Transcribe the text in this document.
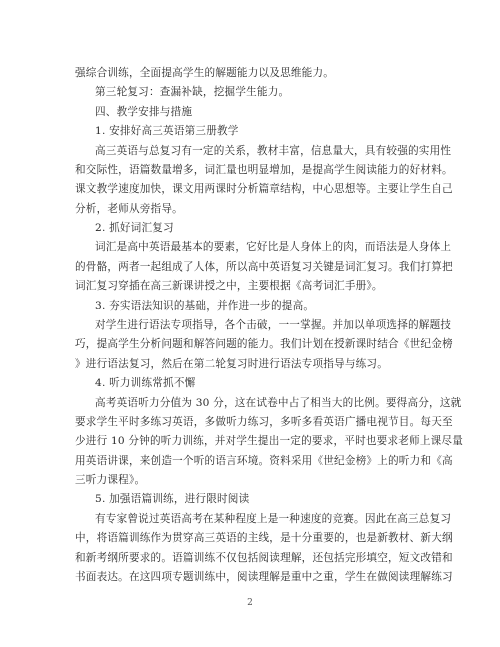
强综合训练，全面提高学生的解题能力以及思维能力。
第三轮复习：查漏补缺，挖掘学生能力。
四、教学安排与措施
1. 安排好高三英语第三册教学
高三英语与总复习有一定的关系，教材丰富，信息量大，具有较强的实用性
和交际性，语篇数量增多，词汇量也明显增加，是提高学生阅读能力的好材料。
课文教学速度加快，课文用两课时分析篇章结构，中心思想等。主要让学生自己
分析，老师从旁指导。
2. 抓好词汇复习
词汇是高中英语最基本的要素，它好比是人身体上的肉，而语法是人身体上
的骨骼，两者一起组成了人体，所以高中英语复习关键是词汇复习。我们打算把
词汇复习穿插在高三新课讲授之中，主要根据《高考词汇手册》。
3. 夯实语法知识的基础，并作进一步的提高。
对学生进行语法专项指导，各个击破，一一掌握。并加以单项选择的解题技
巧，提高学生分析问题和解答问题的能力。我们计划在授新课时结合《世纪金榜
》进行语法复习，然后在第二轮复习时进行语法专项指导与练习。
4. 听力训练常抓不懈
高考英语听力分值为 30 分，这在试卷中占了相当大的比例。要得高分，这就
要求学生平时多练习英语，多做听力练习，多听多看英语广播电视节目。每天至
少进行 10 分钟的听力训练，并对学生提出一定的要求，平时也要求老师上课尽量
用英语讲课，来创造一个听的语言环境。资料采用《世纪金榜》上的听力和《高
三听力课程》。
5. 加强语篇训练，进行限时阅读
有专家曾说过英语高考在某种程度上是一种速度的竞赛。因此在高三总复习
中，将语篇训练作为贯穿高三英语的主线，是十分重要的，也是新教材、新大纲
和新考纲所要求的。语篇训练不仅包括阅读理解，还包括完形填空，短文改错和
书面表达。在这四项专题训练中，阅读理解是重中之重，学生在做阅读理解练习
2
